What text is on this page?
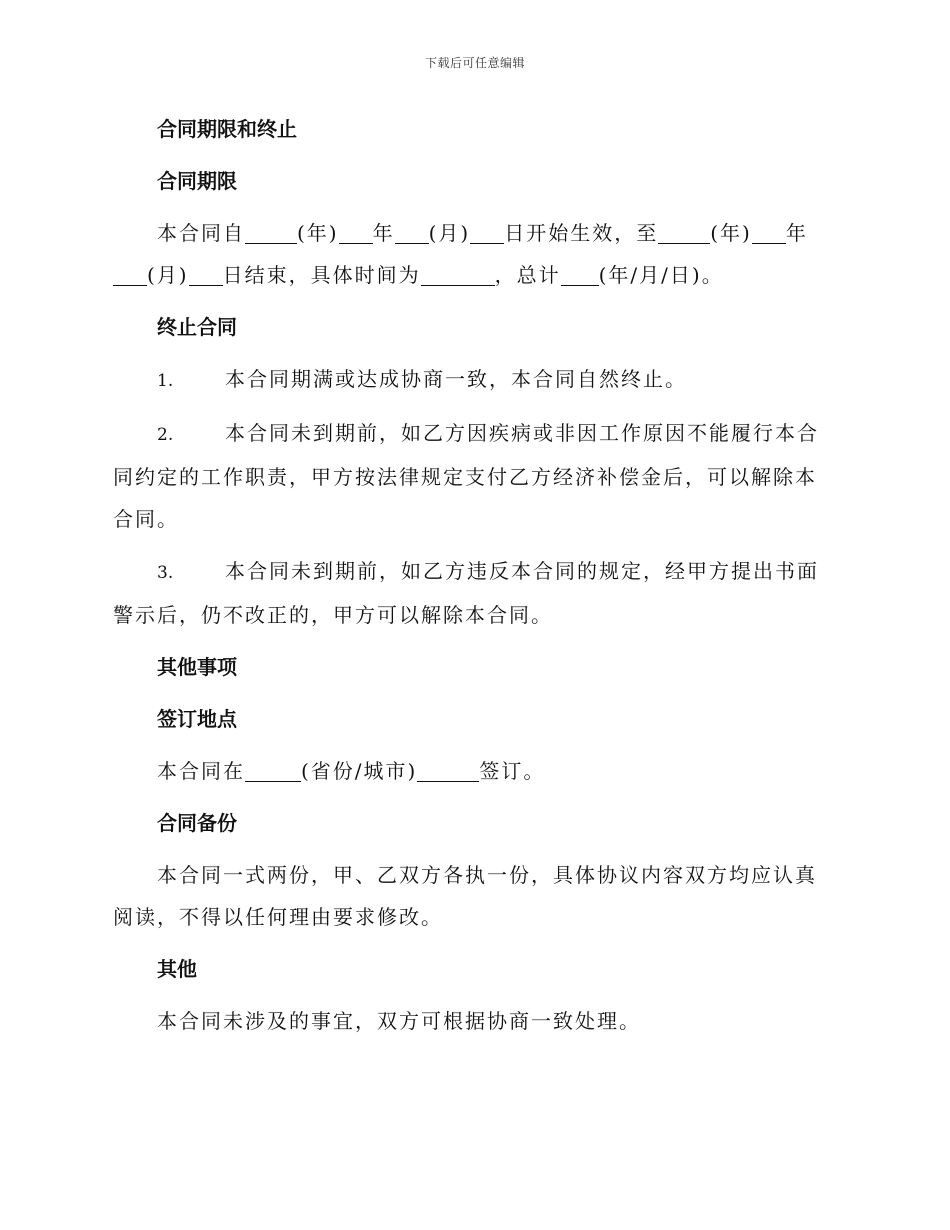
下载后可任意编辑
合同期限和终止
合同期限
本合同自	(年) 年 (月) 日开始生效，至	(年) 年
(月) 日结束，具体时间为	，总计 (年/月/日)。
终止合同
1.	本合同期满或达成协商一致，本合同自然终止。
2.	本合同未到期前，如乙方因疾病或非因工作原因不能履行本合同约定的工作职责，甲方按法律规定支付乙方经济补偿金后，可以解除本合同。
3.	本合同未到期前，如乙方违反本合同的规定，经甲方提出书面警示后，仍不改正的，甲方可以解除本合同。
其他事项
签订地点
本合同在	(省份/城市)	签订。
合同备份
本合同一式两份，甲、乙双方各执一份，具体协议内容双方均应认真阅读，不得以任何理由要求修改。
其他
本合同未涉及的事宜，双方可根据协商一致处理。
